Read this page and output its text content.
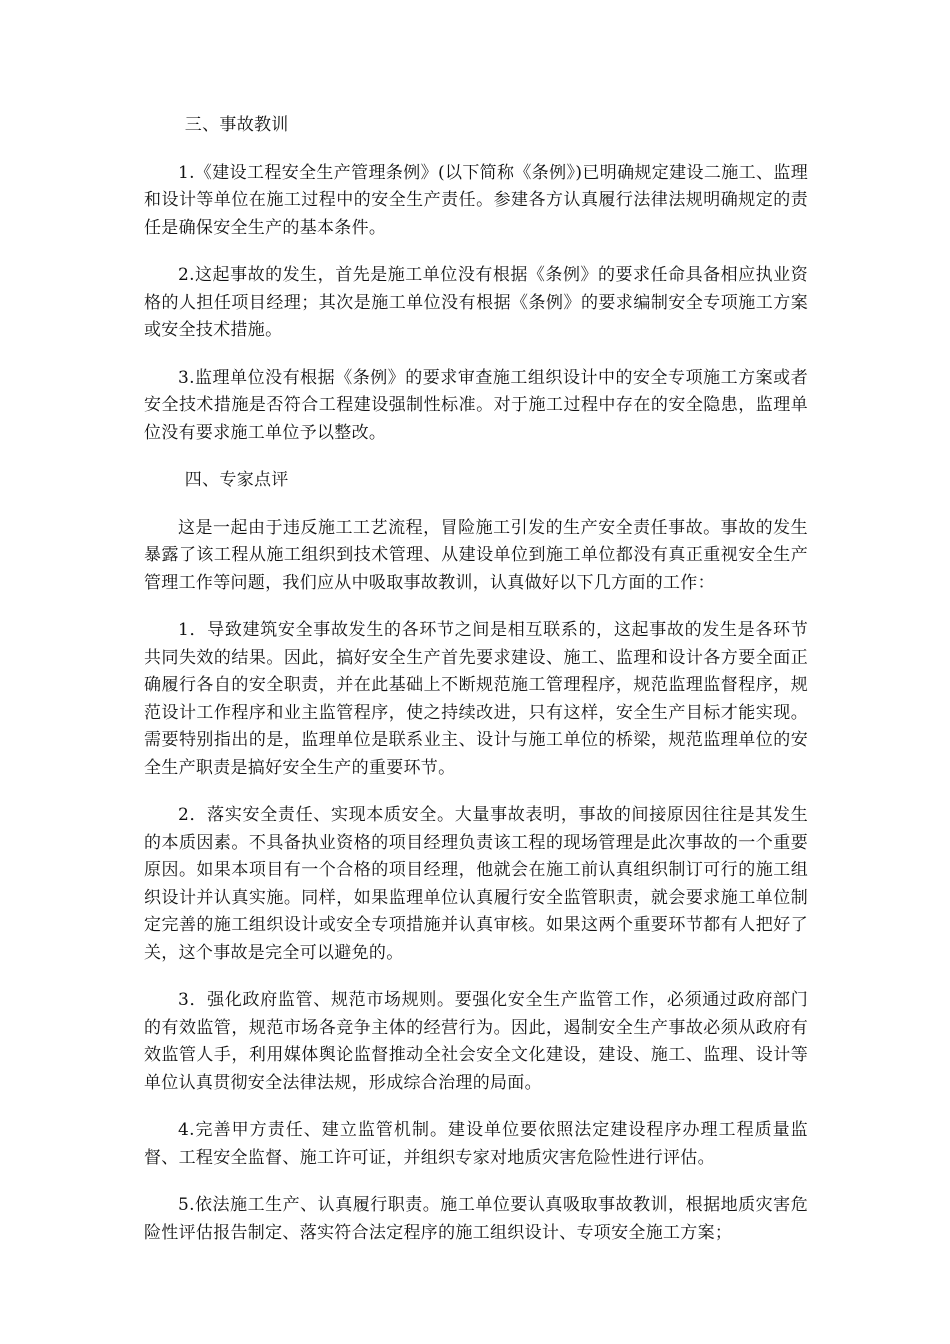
三、事故教训

1.《建设工程安全生产管理条例》(以下简称《条例》)已明确规定建设二施工、监理和设计等单位在施工过程中的安全生产责任。参建各方认真履行法律法规明确规定的责任是确保安全生产的基本条件。

2.这起事故的发生，首先是施工单位没有根据《条例》的要求任命具备相应执业资格的人担任项目经理；其次是施工单位没有根据《条例》的要求编制安全专项施工方案或安全技术措施。

3.监理单位没有根据《条例》的要求审查施工组织设计中的安全专项施工方案或者安全技术措施是否符合工程建设强制性标准。对于施工过程中存在的安全隐患，监理单位没有要求施工单位予以整改。

四、专家点评

这是一起由于违反施工工艺流程，冒险施工引发的生产安全责任事故。事故的发生暴露了该工程从施工组织到技术管理、从建设单位到施工单位都没有真正重视安全生产管理工作等问题，我们应从中吸取事故教训，认真做好以下几方面的工作：

1．导致建筑安全事故发生的各环节之间是相互联系的，这起事故的发生是各环节共同失效的结果。因此，搞好安全生产首先要求建设、施工、监理和设计各方要全面正确履行各自的安全职责，并在此基础上不断规范施工管理程序，规范监理监督程序，规范设计工作程序和业主监管程序，使之持续改进，只有这样，安全生产目标才能实现。需要特别指出的是，监理单位是联系业主、设计与施工单位的桥梁，规范监理单位的安全生产职责是搞好安全生产的重要环节。

2．落实安全责任、实现本质安全。大量事故表明，事故的间接原因往往是其发生的本质因素。不具备执业资格的项目经理负责该工程的现场管理是此次事故的一个重要原因。如果本项目有一个合格的项目经理，他就会在施工前认真组织制订可行的施工组织设计并认真实施。同样，如果监理单位认真履行安全监管职责，就会要求施工单位制定完善的施工组织设计或安全专项措施并认真审核。如果这两个重要环节都有人把好了关，这个事故是完全可以避免的。

3．强化政府监管、规范市场规则。要强化安全生产监管工作，必须通过政府部门的有效监管，规范市场各竞争主体的经营行为。因此，遏制安全生产事故必须从政府有效监管人手，利用媒体舆论监督推动全社会安全文化建设，建设、施工、监理、设计等单位认真贯彻安全法律法规，形成综合治理的局面。

4.完善甲方责任、建立监管机制。建设单位要依照法定建设程序办理工程质量监督、工程安全监督、施工许可证，并组织专家对地质灾害危险性进行评估。

5.依法施工生产、认真履行职责。施工单位要认真吸取事故教训，根据地质灾害危险性评估报告制定、落实符合法定程序的施工组织设计、专项安全施工方案；
